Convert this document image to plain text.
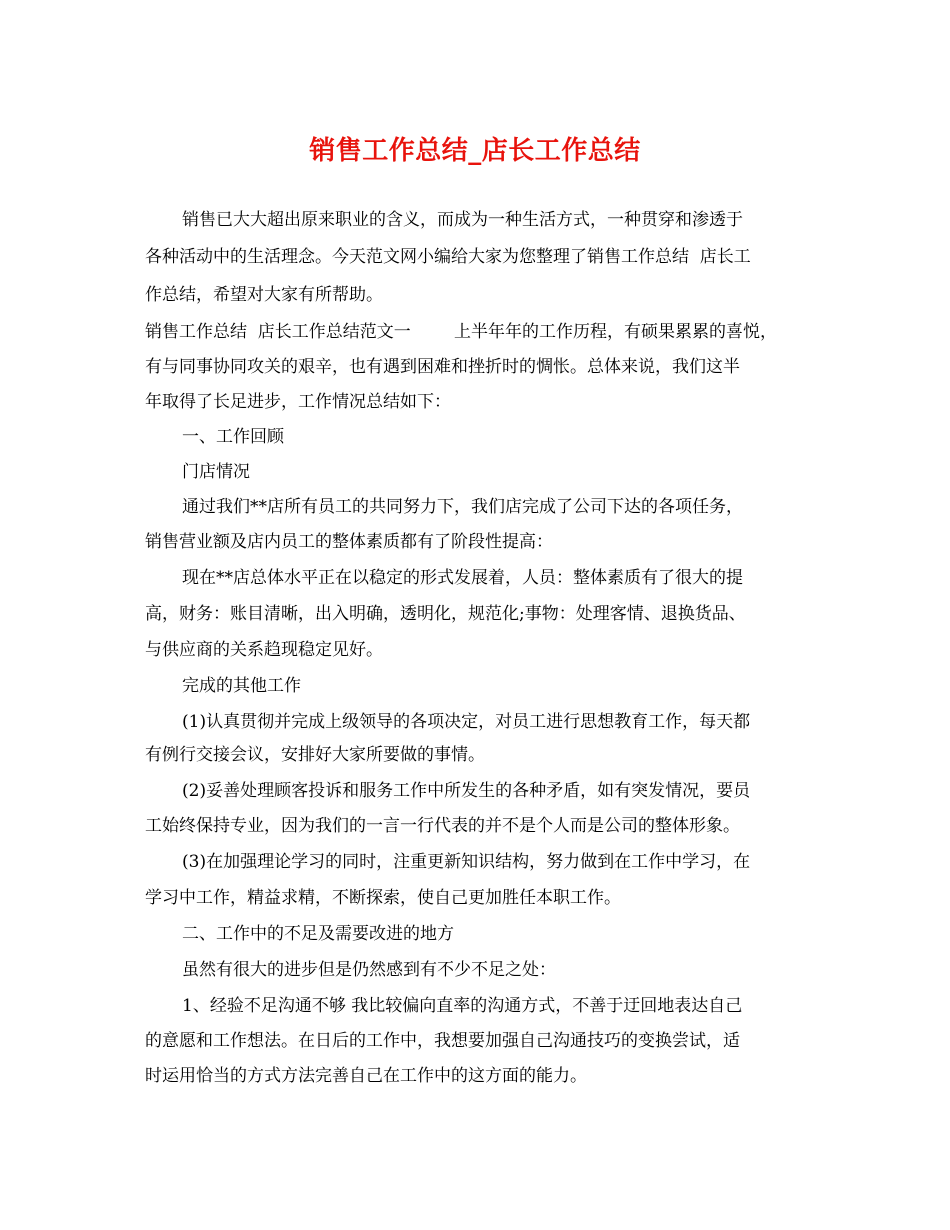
销售工作总结_店长工作总结
销售已大大超出原来职业的含义，而成为一种生活方式，一种贯穿和渗透于
各种活动中的生活理念。今天范文网小编给大家为您整理了销售工作总结  店长工
作总结，希望对大家有所帮助。
销售工作总结  店长工作总结范文一        上半年年的工作历程，有硕果累累的喜悦，
有与同事协同攻关的艰辛，也有遇到困难和挫折时的惆怅。总体来说，我们这半
年取得了长足进步，工作情况总结如下：
一、工作回顾
门店情况
通过我们**店所有员工的共同努力下，我们店完成了公司下达的各项任务，
销售营业额及店内员工的整体素质都有了阶段性提高：
现在**店总体水平正在以稳定的形式发展着，人员：整体素质有了很大的提
高，财务：账目清晰，出入明确，透明化，规范化;事物：处理客情、退换货品、
与供应商的关系趋现稳定见好。
完成的其他工作
(1)认真贯彻并完成上级领导的各项决定，对员工进行思想教育工作，每天都
有例行交接会议，安排好大家所要做的事情。
(2)妥善处理顾客投诉和服务工作中所发生的各种矛盾，如有突发情况，要员
工始终保持专业，因为我们的一言一行代表的并不是个人而是公司的整体形象。
(3)在加强理论学习的同时，注重更新知识结构，努力做到在工作中学习，在
学习中工作，精益求精，不断探索，使自己更加胜任本职工作。
二、工作中的不足及需要改进的地方
虽然有很大的进步但是仍然感到有不少不足之处：
1、经验不足沟通不够 我比较偏向直率的沟通方式，不善于迂回地表达自己
的意愿和工作想法。在日后的工作中，我想要加强自己沟通技巧的变换尝试，适
时运用恰当的方式方法完善自己在工作中的这方面的能力。
